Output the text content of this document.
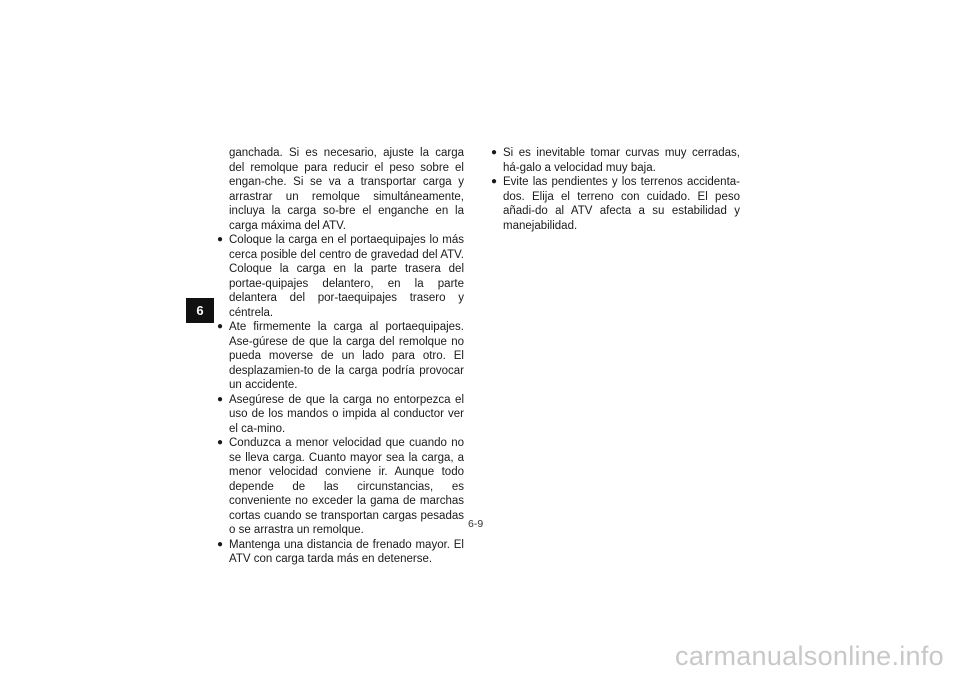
6

ganchada. Si es necesario, ajuste la carga del remolque para reducir el peso sobre el engan-che. Si se va a transportar carga y arrastrar un remolque simultáneamente, incluya la carga so-bre el enganche en la carga máxima del ATV.

● Coloque la carga en el portaequipajes lo más cerca posible del centro de gravedad del ATV. Coloque la carga en la parte trasera del portae-quipajes delantero, en la parte delantera del por-taequipajes trasero y céntrela.
● Ate firmemente la carga al portaequipajes. Ase-gúrese de que la carga del remolque no pueda moverse de un lado para otro. El desplazamien-to de la carga podría provocar un accidente.
● Asegúrese de que la carga no entorpezca el uso de los mandos o impida al conductor ver el ca-mino.
● Conduzca a menor velocidad que cuando no se lleva carga. Cuanto mayor sea la carga, a menor velocidad conviene ir. Aunque todo depende de las circunstancias, es conveniente no exceder la gama de marchas cortas cuando se transportan cargas pesadas o se arrastra un remolque.
● Mantenga una distancia de frenado mayor. El ATV con carga tarda más en detenerse.
● Si es inevitable tomar curvas muy cerradas, há-galo a velocidad muy baja.
● Evite las pendientes y los terrenos accidenta-dos. Elija el terreno con cuidado. El peso añadi-do al ATV afecta a su estabilidad y manejabilidad.
6-9
carmanualsonline.info
